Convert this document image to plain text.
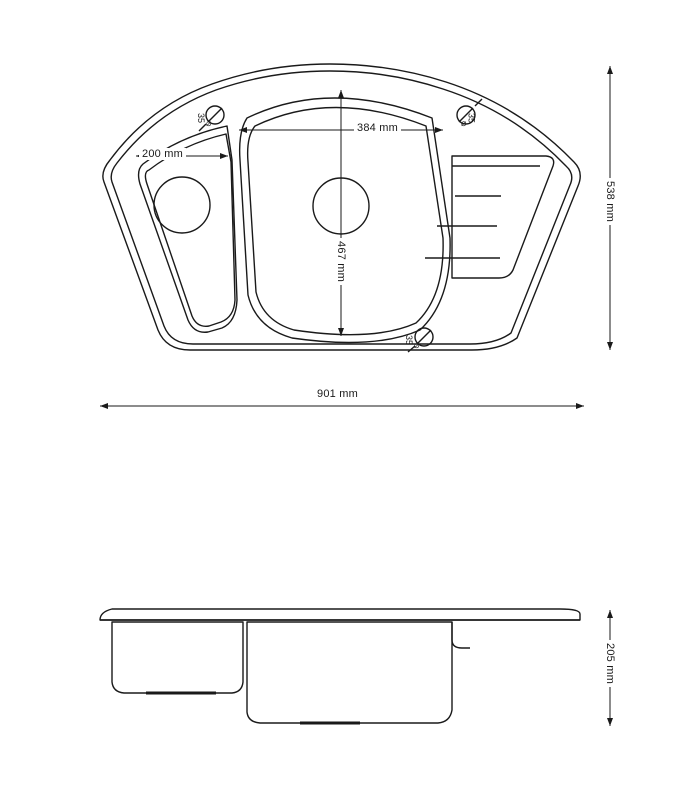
384 mm
467 mm
200 mm
538 mm
901 mm
205 mm
35⌀	⌀35
35⌀
